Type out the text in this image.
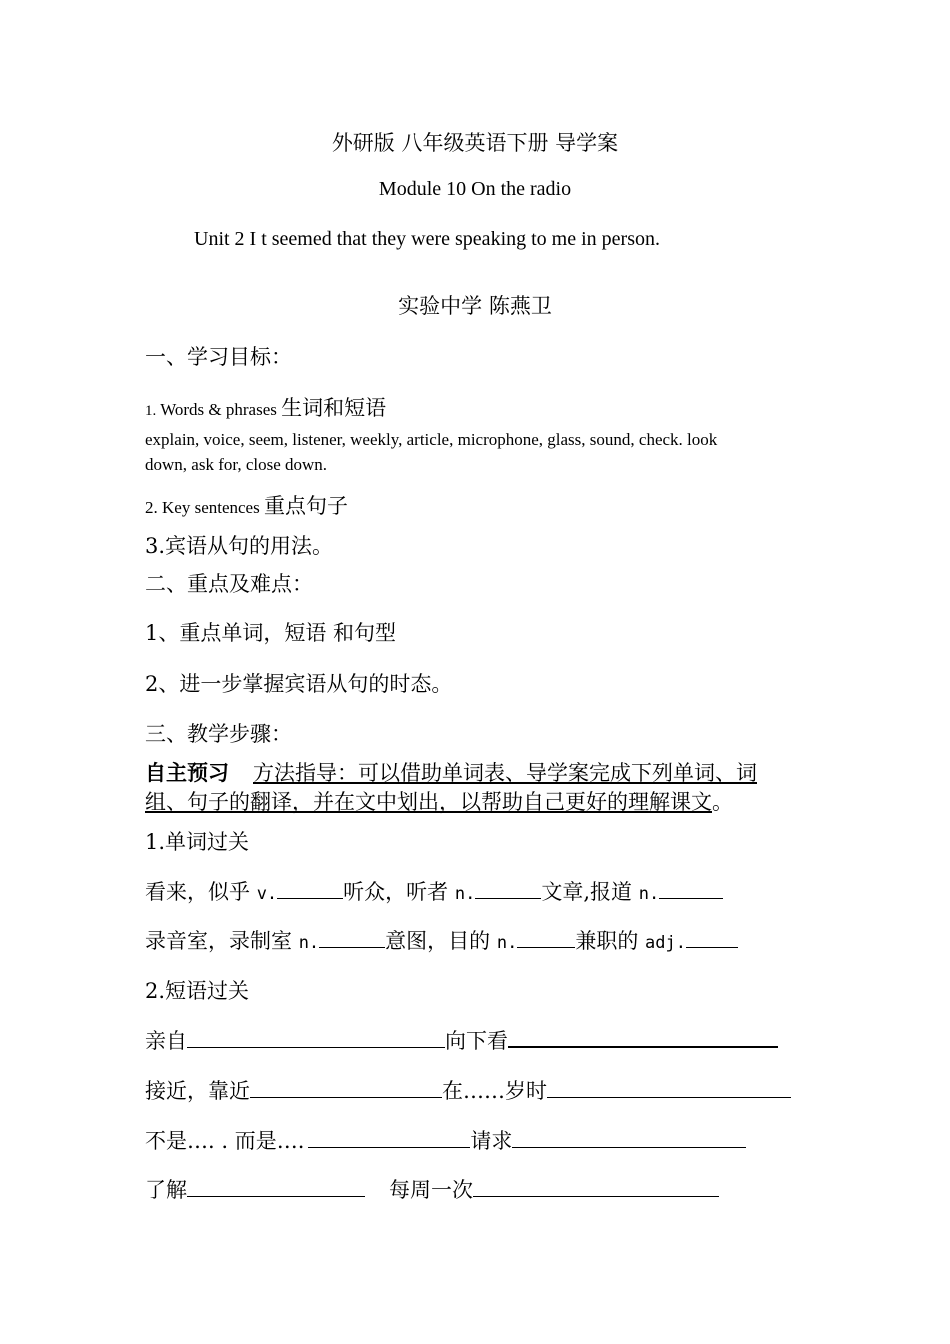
外研版 八年级英语下册 导学案
Module 10 On the radio
Unit 2 I t seemed that they were speaking to me in person.
实验中学 陈燕卫
一、学习目标：
1. Words & phrases 生词和短语
explain, voice, seem, listener, weekly, article, microphone, glass, sound, check. look
down, ask for, close down.
2. Key sentences 重点句子
3.宾语从句的用法。
二、重点及难点：
1、重点单词，短语 和句型
2、进一步掌握宾语从句的时态。
三、教学步骤：
自主预习 方法指导：可以借助单词表、导学案完成下列单词、词
组、句子的翻译，并在文中划出，以帮助自己更好的理解课文。
1.单词过关
看来，似乎 v.	听众，听者 n.	文章,报道 n.
录音室，录制室 n.	意图，目的 n.	兼职的 adj.
2.短语过关
亲自	向下看
接近，靠近	在……岁时
不是…. . 而是….	请求
了解	每周一次
